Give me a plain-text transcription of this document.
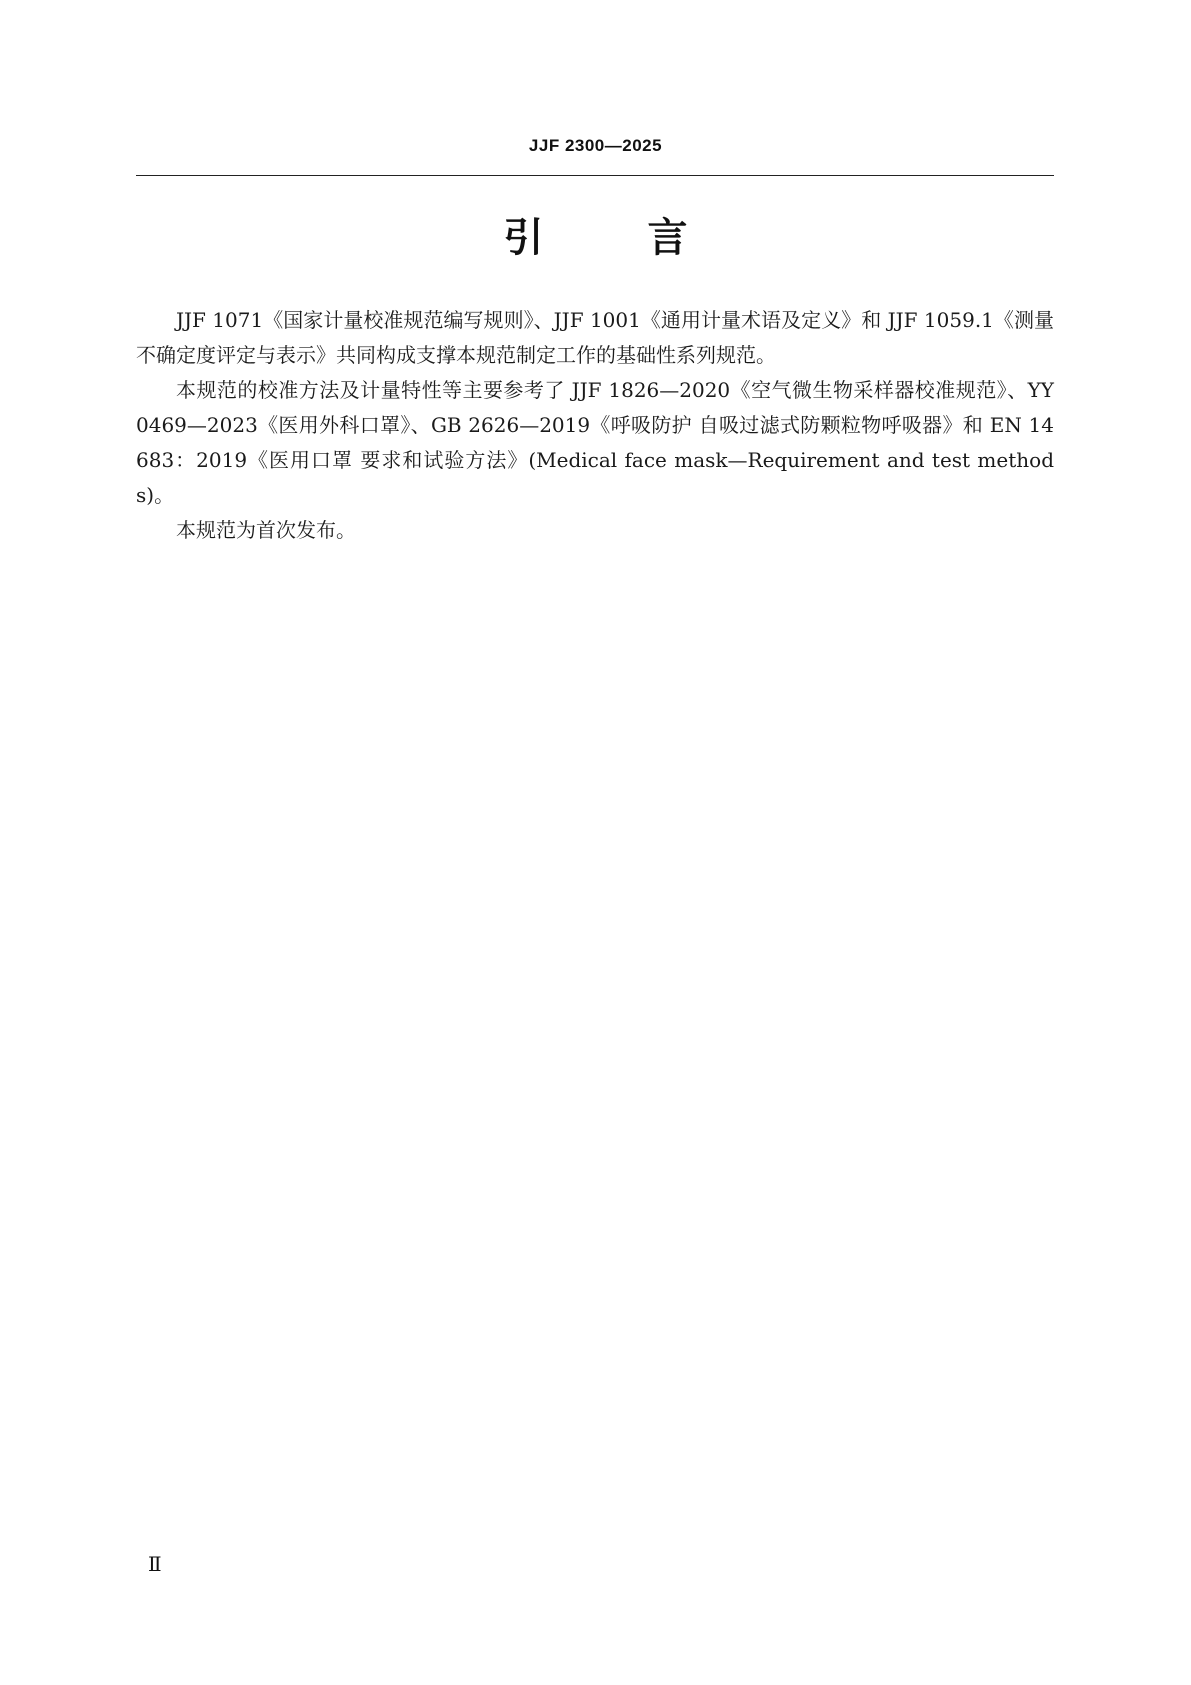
JJF 2300—2025
引	言

JJF 1071《国家计量校准规范编写规则》、JJF 1001《通用计量术语及定义》和 JJF 1059.1《测量不确定度评定与表示》共同构成支撑本规范制定工作的基础性系列规范。

本规范的校准方法及计量特性等主要参考了 JJF 1826—2020《空气微生物采样器校准规范》、YY 0469—2023《医用外科口罩》、GB 2626—2019《呼吸防护 自吸过滤式防颗粒物呼吸器》和 EN 14683：2019《医用口罩 要求和试验方法》(Medical face mask—Requirement and test methods)。

本规范为首次发布。

Ⅱ
